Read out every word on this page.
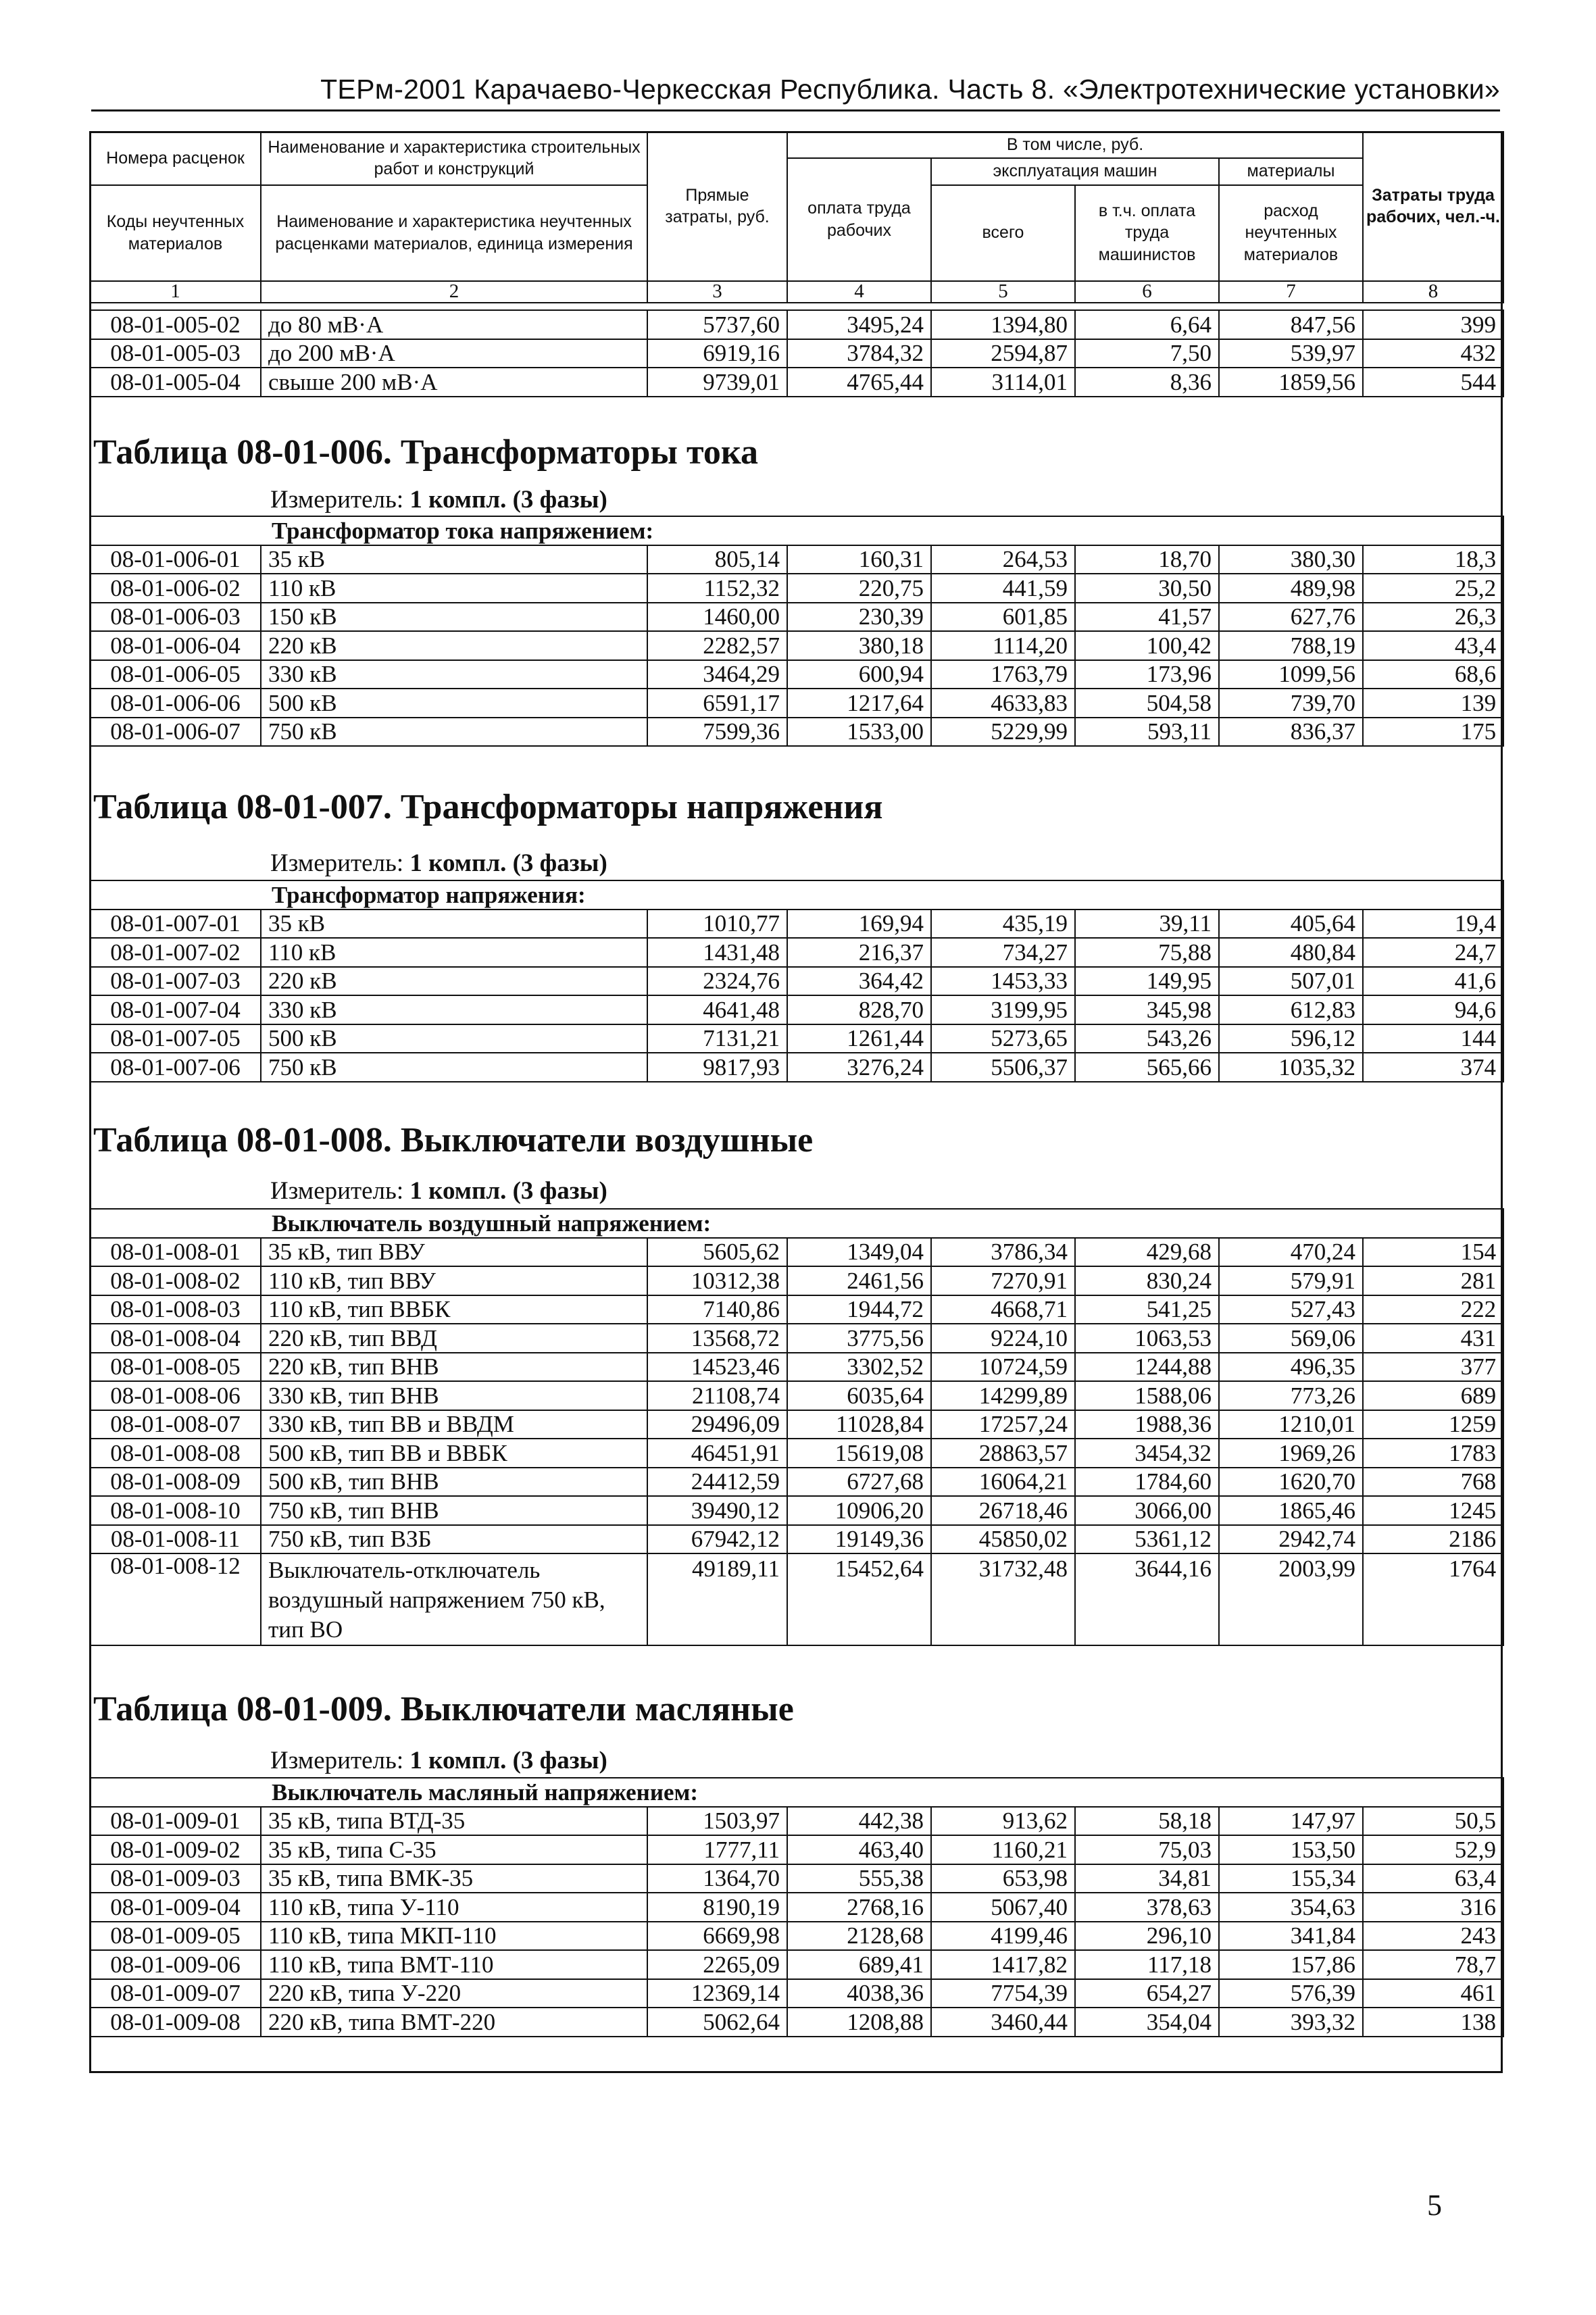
ТЕРм-2001 Карачаево-Черкесская Республика. Часть 8. «Электротехнические установки»
Номера расценок	Наименование и характеристика строительных работ и конструкций	Прямые затраты, руб.	В том числе, руб.				Затраты труда рабочих, чел.-ч.
			оплата труда рабочих	эксплуатация машин		материалы	
Коды неучтенных материалов	Наименование и характеристика неучтенных расценками материалов, единица измерения			всего	в т.ч. оплата труда машинистов	расход неучтенных материалов	
1	2	3	4	5	6	7	8
08-01-005-02	до 80 мВ·А	5737,60	3495,24	1394,80	6,64	847,56	399
08-01-005-03	до 200 мВ·А	6919,16	3784,32	2594,87	7,50	539,97	432
08-01-005-04	свыше 200 мВ·А	9739,01	4765,44	3114,01	8,36	1859,56	544
Таблица 08-01-006. Трансформаторы тока
Измеритель: 1 компл. (3 фазы)
Трансформатор тока напряжением:							
08-01-006-01	35 кВ	805,14	160,31	264,53	18,70	380,30	18,3
08-01-006-02	110 кВ	1152,32	220,75	441,59	30,50	489,98	25,2
08-01-006-03	150 кВ	1460,00	230,39	601,85	41,57	627,76	26,3
08-01-006-04	220 кВ	2282,57	380,18	1114,20	100,42	788,19	43,4
08-01-006-05	330 кВ	3464,29	600,94	1763,79	173,96	1099,56	68,6
08-01-006-06	500 кВ	6591,17	1217,64	4633,83	504,58	739,70	139
08-01-006-07	750 кВ	7599,36	1533,00	5229,99	593,11	836,37	175
Таблица 08-01-007. Трансформаторы напряжения
Измеритель: 1 компл. (3 фазы)
Трансформатор напряжения:							
08-01-007-01	35 кВ	1010,77	169,94	435,19	39,11	405,64	19,4
08-01-007-02	110 кВ	1431,48	216,37	734,27	75,88	480,84	24,7
08-01-007-03	220 кВ	2324,76	364,42	1453,33	149,95	507,01	41,6
08-01-007-04	330 кВ	4641,48	828,70	3199,95	345,98	612,83	94,6
08-01-007-05	500 кВ	7131,21	1261,44	5273,65	543,26	596,12	144
08-01-007-06	750 кВ	9817,93	3276,24	5506,37	565,66	1035,32	374
Таблица 08-01-008. Выключатели воздушные
Измеритель: 1 компл. (3 фазы)
Выключатель воздушный напряжением:							
08-01-008-01	35 кВ, тип ВВУ	5605,62	1349,04	3786,34	429,68	470,24	154
08-01-008-02	110 кВ, тип ВВУ	10312,38	2461,56	7270,91	830,24	579,91	281
08-01-008-03	110 кВ, тип ВВБК	7140,86	1944,72	4668,71	541,25	527,43	222
08-01-008-04	220 кВ, тип ВВД	13568,72	3775,56	9224,10	1063,53	569,06	431
08-01-008-05	220 кВ, тип ВНВ	14523,46	3302,52	10724,59	1244,88	496,35	377
08-01-008-06	330 кВ, тип ВНВ	21108,74	6035,64	14299,89	1588,06	773,26	689
08-01-008-07	330 кВ, тип ВВ и ВВДМ	29496,09	11028,84	17257,24	1988,36	1210,01	1259
08-01-008-08	500 кВ, тип ВВ и ВВБК	46451,91	15619,08	28863,57	3454,32	1969,26	1783
08-01-008-09	500 кВ, тип ВНВ	24412,59	6727,68	16064,21	1784,60	1620,70	768
08-01-008-10	750 кВ, тип ВНВ	39490,12	10906,20	26718,46	3066,00	1865,46	1245
08-01-008-11	750 кВ, тип ВЗБ	67942,12	19149,36	45850,02	5361,12	2942,74	2186
08-01-008-12	Выключатель-отключатель воздушный напряжением 750 кВ, тип ВО	49189,11	15452,64	31732,48	3644,16	2003,99	1764
Таблица 08-01-009. Выключатели масляные
Измеритель: 1 компл. (3 фазы)
Выключатель масляный напряжением:							
08-01-009-01	35 кВ, типа ВТД-35	1503,97	442,38	913,62	58,18	147,97	50,5
08-01-009-02	35 кВ, типа С-35	1777,11	463,40	1160,21	75,03	153,50	52,9
08-01-009-03	35 кВ, типа ВМК-35	1364,70	555,38	653,98	34,81	155,34	63,4
08-01-009-04	110 кВ, типа У-110	8190,19	2768,16	5067,40	378,63	354,63	316
08-01-009-05	110 кВ, типа МКП-110	6669,98	2128,68	4199,46	296,10	341,84	243
08-01-009-06	110 кВ, типа ВМТ-110	2265,09	689,41	1417,82	117,18	157,86	78,7
08-01-009-07	220 кВ, типа У-220	12369,14	4038,36	7754,39	654,27	576,39	461
08-01-009-08	220 кВ, типа ВМТ-220	5062,64	1208,88	3460,44	354,04	393,32	138
5
